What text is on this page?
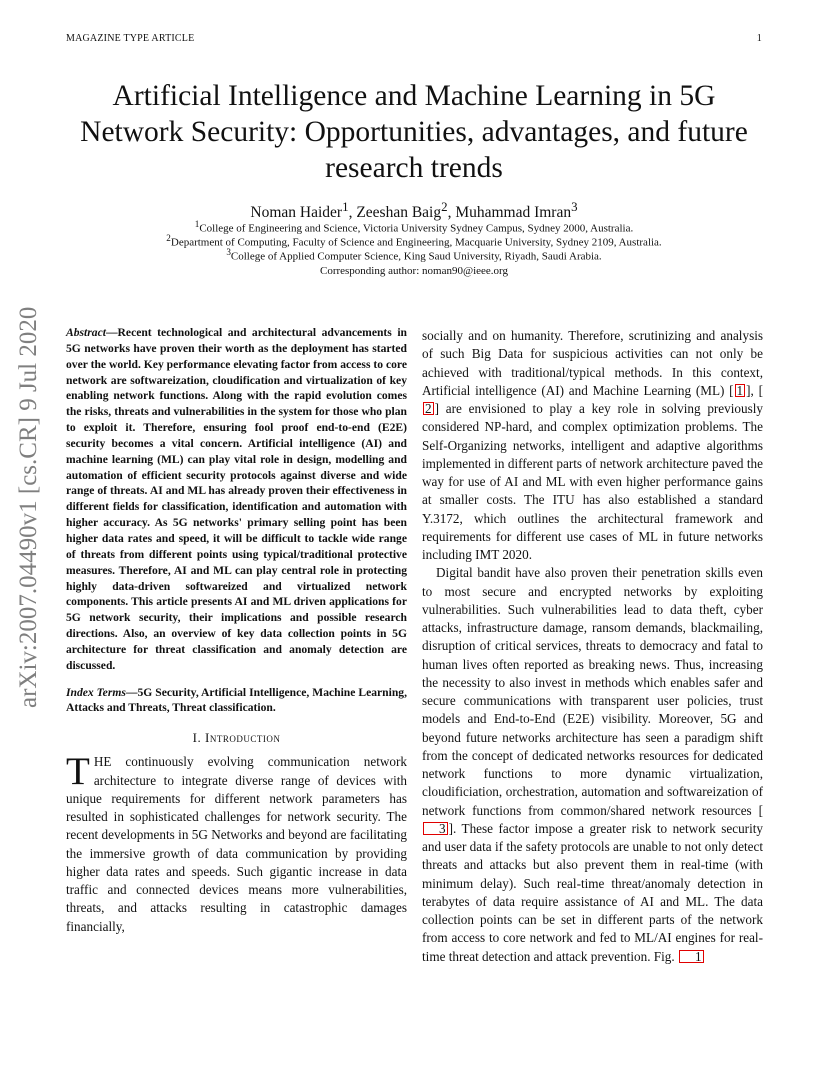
MAGAZINE TYPE ARTICLE	1
Artificial Intelligence and Machine Learning in 5G Network Security: Opportunities, advantages, and future research trends
Noman Haider$^1$, Zeeshan Baig$^2$, Muhammad Imran$^3$
$^1$College of Engineering and Science, Victoria University Sydney Campus, Sydney 2000, Australia.
$^2$Department of Computing, Faculty of Science and Engineering, Macquarie University, Sydney 2109, Australia.
$^3$College of Applied Computer Science, King Saud University, Riyadh, Saudi Arabia.
Corresponding author: noman90@ieee.org
arXiv:2007.04490v1 [cs.CR] 9 Jul 2020	Abstract—Recent technological and architectural advancements in 5G networks have proven their worth as the deployment has started over the world. Key performance elevating factor from access to core network are softwareization, cloudification and virtualization of key enabling network functions. Along with the rapid evolution comes the risks, threats and vulnerabilities in the system for those who plan to exploit it. Therefore, ensuring fool proof end-to-end (E2E) security becomes a vital concern. Artificial intelligence (AI) and machine learning (ML) can play vital role in design, modelling and automation of efficient security protocols against diverse and wide range of threats. AI and ML has already proven their effectiveness in different fields for classification, identification and automation with higher accuracy. As 5G networks' primary selling point has been higher data rates and speed, it will be difficult to tackle wide range of threats from different points using typical/traditional protective measures. Therefore, AI and ML can play central role in protecting highly data-driven softwareized and virtualized network components. This article presents AI and ML driven applications for 5G network security, their implications and possible research directions. Also, an overview of key data collection points in 5G architecture for threat classification and anomaly detection are discussed.

Index Terms—5G Security, Artificial Intelligence, Machine Learning, Attacks and Threats, Threat classification.

I. Introduction

THE continuously evolving communication network architecture to integrate diverse range of devices with unique requirements for different network parameters has resulted in sophisticated challenges for network security. The recent developments in 5G Networks and beyond are facilitating the immersive growth of data communication by providing higher data rates and speeds. Such gigantic increase in data traffic and connected devices means more vulnerabilities, threats, and attacks resulting in catastrophic damages financially,

socially and on humanity. Therefore, scrutinizing and analysis of such Big Data for suspicious activities can not only be achieved with traditional/typical methods. In this context, Artificial intelligence (AI) and Machine Learning (ML) [ 1 ], [2 ] are envisioned to play a key role in solving previously considered NP-hard, and complex optimization problems. The Self-Organizing networks, intelligent and adaptive algorithms implemented in different parts of network architecture paved the way for use of AI and ML with even higher performance gains at smaller costs. The ITU has also established a standard Y.3172, which outlines the architectural framework and requirements for different use cases of ML in future networks including IMT 2020.

Digital bandit have also proven their penetration skills even to most secure and encrypted networks by exploiting vulnerabilities. Such vulnerabilities lead to data theft, cyber attacks, infrastructure damage, ransom demands, blackmailing, disruption of critical services, threats to democracy and fatal to human lives often reported as breaking news. Thus, increasing the necessity to also invest in methods which enables safer and secure communications with transparent user policies, trust models and End-to-End (E2E) visibility. Moreover, 5G and beyond future networks architecture has seen a paradigm shift from the concept of dedicated networks resources for dedicated network functions to more dynamic virtualization, cloudificiation, orchestration, automation and softwareization of network functions from common/shared network resources [3 ]. These factor impose a greater risk to network security and user data if the safety protocols are unable to not only detect threats and attacks but also prevent them in real-time (with minimum delay). Such real-time threat/anomaly detection in terabytes of data require assistance of AI and ML. The data collection points can be set in different parts of the network from access to core network and fed to ML/AI engines for real-time threat detection and attack prevention. Fig. 1
